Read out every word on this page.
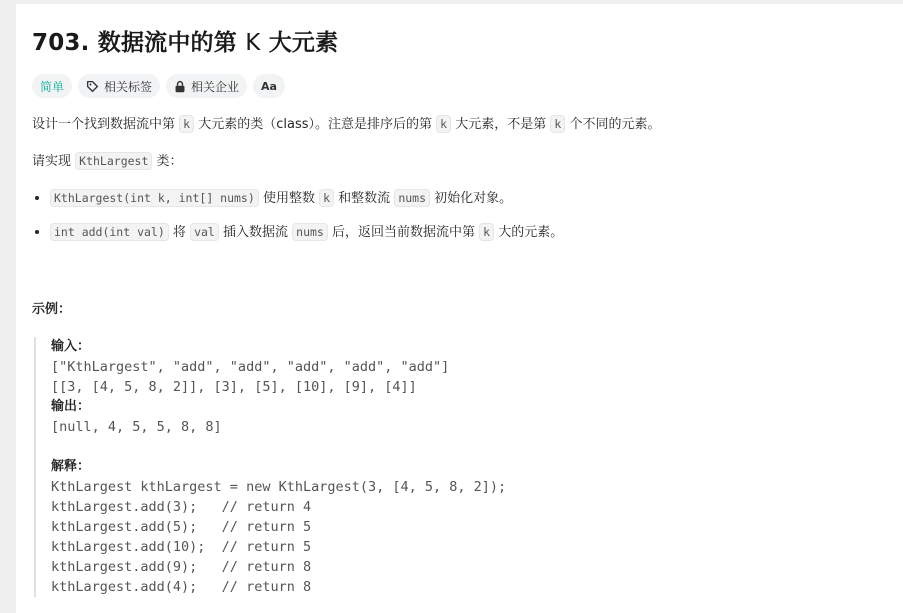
703. 数据流中的第 K 大元素
简单	相关标签	相关企业 Aa

设计一个找到数据流中第 k 大元素的类（class）。注意是排序后的第 k 大元素，不是第 k 个不同的元素。

请实现 KthLargest 类：

• KthLargest(int k, int[] nums) 使用整数 k 和整数流 nums 初始化对象。
• int add(int val) 将 val 插入数据流 nums 后，返回当前数据流中第 k 大的元素。
示例：
输入：
["KthLargest", "add", "add", "add", "add", "add"]
[[3, [4, 5, 8, 2]], [3], [5], [10], [9], [4]]
输出：
[null, 4, 5, 5, 8, 8]
解释：
KthLargest kthLargest = new KthLargest(3, [4, 5, 8, 2]);
kthLargest.add(3);   // return 4
kthLargest.add(5);   // return 5
kthLargest.add(10);  // return 5
kthLargest.add(9);   // return 8
kthLargest.add(4);   // return 8
